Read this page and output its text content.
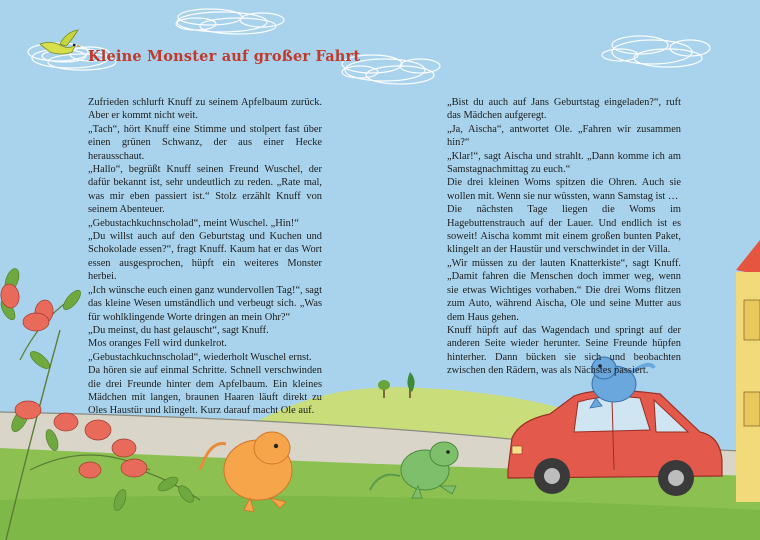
Kleine Monster auf großer Fahrt

Zufrieden schlurft Knuff zu seinem Apfelbaum zurück. Aber er kommt nicht weit.

„Tach“, hört Knuff eine Stimme und stolpert fast über einen grünen Schwanz, der aus einer Hecke herausschaut.

„Hallo“, begrüßt Knuff seinen Freund Wuschel, der dafür bekannt ist, sehr undeutlich zu reden. „Rate mal, was mir eben passiert ist.“ Stolz erzählt Knuff von seinem Abenteuer.

„Gebustachkuchnscholad“, meint Wuschel. „Hin!“

„Du willst auch auf den Geburtstag und Kuchen und Schokolade essen?“, fragt Knuff. Kaum hat er das Wort essen ausgesprochen, hüpft ein weiteres Monster herbei.

„Ich wünsche euch einen ganz wundervollen Tag!“, sagt das kleine Wesen umständlich und verbeugt sich. „Was für wohlklingende Worte dringen an mein Ohr?“

„Du meinst, du hast gelauscht“, sagt Knuff.

Mos oranges Fell wird dunkelrot.

„Gebustachkuchnscholad“, wiederholt Wuschel ernst.

Da hören sie auf einmal Schritte. Schnell verschwinden die drei Freunde hinter dem Apfelbaum. Ein kleines Mädchen mit langen, braunen Haaren läuft direkt zu Oles Haustür und klingelt. Kurz darauf macht Ole auf.

„Bist du auch auf Jans Geburtstag eingeladen?“, ruft das Mädchen aufgeregt.

„Ja, Aischa“, antwortet Ole. „Fahren wir zusammen hin?“

„Klar!“, sagt Aischa und strahlt. „Dann komme ich am Samstagnachmittag zu euch.“

Die drei kleinen Woms spitzen die Ohren. Auch sie wollen mit. Wenn sie nur wüssten, wann Samstag ist …

Die nächsten Tage liegen die Woms im Hagebuttenstrauch auf der Lauer. Und endlich ist es soweit! Aischa kommt mit einem großen bunten Paket, klingelt an der Haustür und verschwindet in der Villa.

„Wir müssen zu der lauten Knatterkiste“, sagt Knuff. „Damit fahren die Menschen doch immer weg, wenn sie etwas Wichtiges vorhaben.“ Die drei Woms flitzen zum Auto, während Aischa, Ole und seine Mutter aus dem Haus gehen.

Knuff hüpft auf das Wagendach und springt auf der anderen Seite wieder herunter. Seine Freunde hüpfen hinterher. Dann bücken sie sich und beobachten zwischen den Rädern, was als Nächstes passiert.
